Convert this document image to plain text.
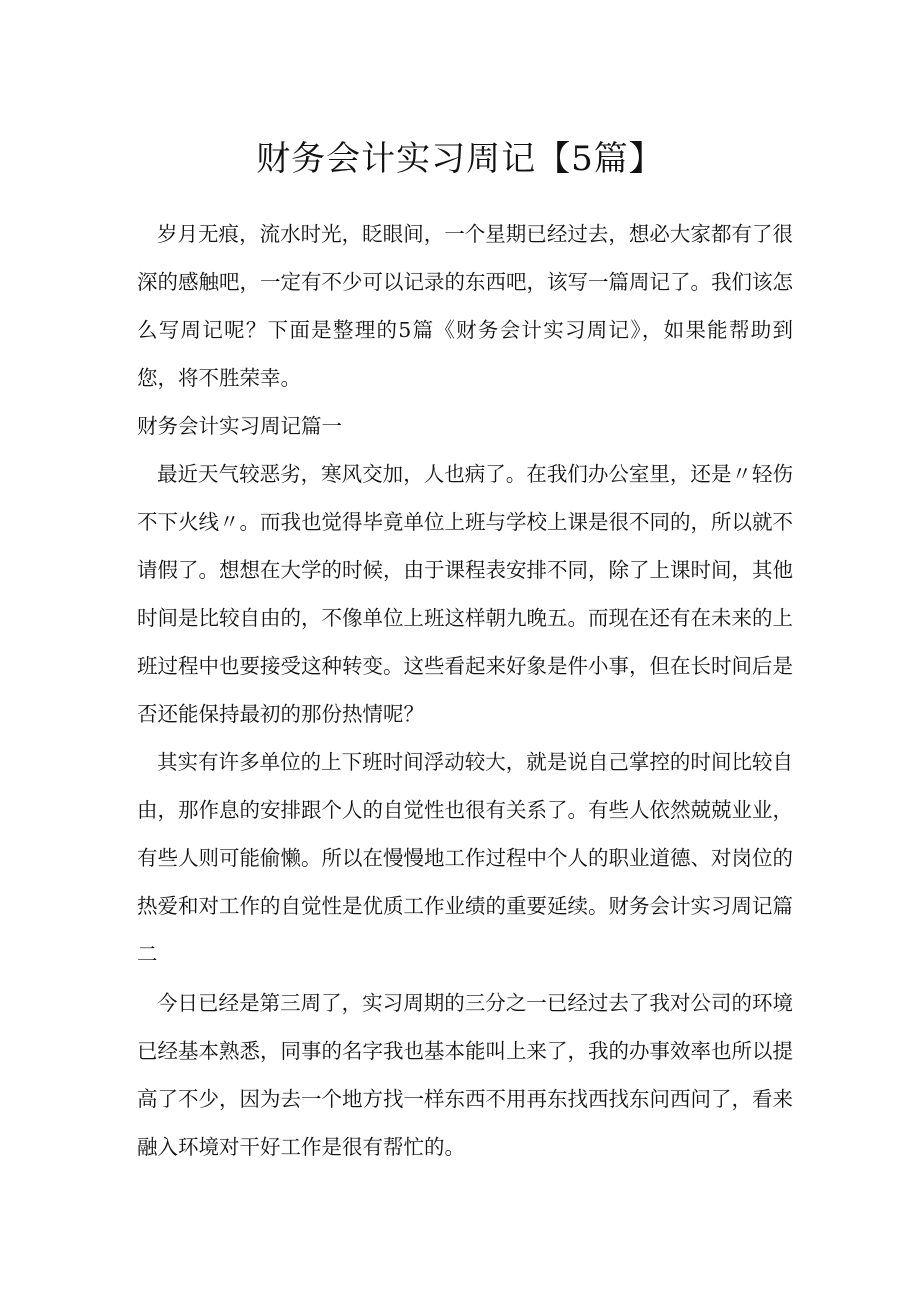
财务会计实习周记【5篇】

岁月无痕，流水时光，眨眼间，一个星期已经过去，想必大家都有了很深的感触吧，一定有不少可以记录的东西吧，该写一篇周记了。我们该怎么写周记呢？下面是整理的5篇《财务会计实习周记》，如果能帮助到您，将不胜荣幸。

财务会计实习周记篇一

最近天气较恶劣，寒风交加，人也病了。在我们办公室里，还是〃轻伤不下火线〃。而我也觉得毕竟单位上班与学校上课是很不同的，所以就不请假了。想想在大学的时候，由于课程表安排不同，除了上课时间，其他时间是比较自由的，不像单位上班这样朝九晚五。而现在还有在未来的上班过程中也要接受这种转变。这些看起来好象是件小事，但在长时间后是否还能保持最初的那份热情呢？

其实有许多单位的上下班时间浮动较大，就是说自己掌控的时间比较自由，那作息的安排跟个人的自觉性也很有关系了。有些人依然兢兢业业，有些人则可能偷懒。所以在慢慢地工作过程中个人的职业道德、对岗位的热爱和对工作的自觉性是优质工作业绩的重要延续。财务会计实习周记篇二

今日已经是第三周了，实习周期的三分之一已经过去了我对公司的环境已经基本熟悉，同事的名字我也基本能叫上来了，我的办事效率也所以提高了不少，因为去一个地方找一样东西不用再东找西找东问西问了，看来融入环境对干好工作是很有帮忙的。
